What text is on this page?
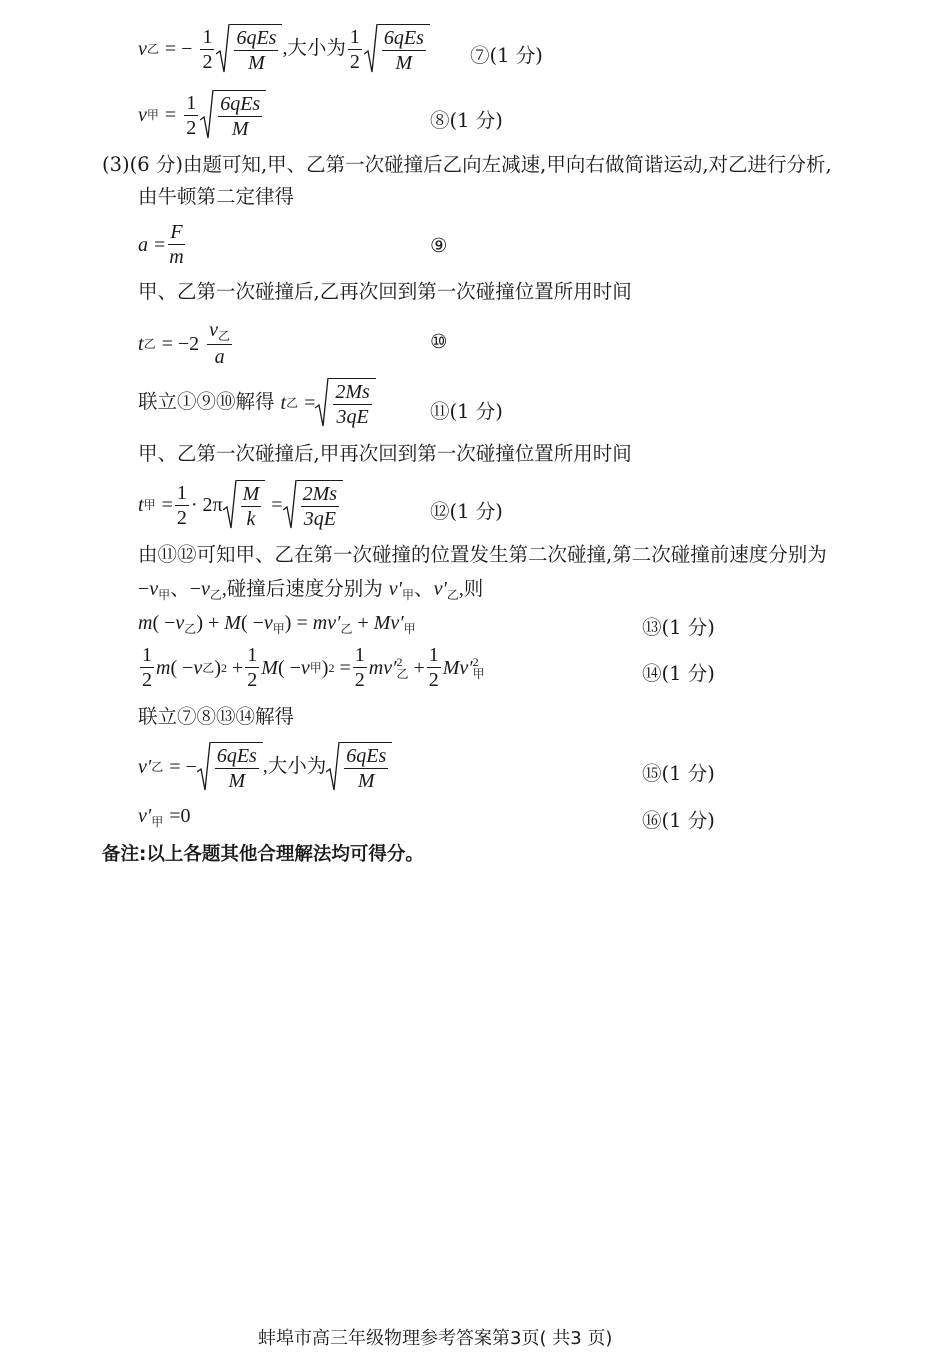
v 乙 = − $\frac{1}{2} \frac{\text{6qEs}}{M}$ ,大小为 $\frac{1}{2} \frac{\text{6qEs}}{M}$ ⑦(1 分)
v 甲 = $\frac{1}{2} \frac{\text{6qEs}}{M}$	⑧(1 分)
(3)(6 分)由题可知,甲、乙第一次碰撞后乙向左减速,甲向右做简谐运动,对乙进行分析,
由牛顿第二定律得
$a = \frac{F}{m}$	⑨
甲、乙第一次碰撞后,乙再次回到第一次碰撞位置所用时间
t 乙 = $-2 \frac{v_乙}{a}$	⑩
联立①⑨⑩解得 t 乙 = $\frac{2Ms}{3qE}$	⑪(1 分)
甲、乙第一次碰撞后,甲再次回到第一次碰撞位置所用时间
t 甲 = $\frac{1}{2} \cdot 2\pi \frac{M}{k} = \frac{2Ms}{3qE}$	⑫(1 分)
由⑪⑫可知甲、乙在第一次碰撞的位置发生第二次碰撞,第二次碰撞前速度分别为
$-v_甲$、$-v_乙$,碰撞后速度分别为 $v'_甲$、$v'_乙$,则
$m( -v_乙) + M( -v_甲) = mv'_乙 + Mv'_甲$	⑬(1 分)
$\frac{1}{2}$ m ( − v 乙 ) $2 + \frac{1}{2}$ M ( − v 甲 ) $2 = \frac{1}{2} mv'$ 2
乙 + $\frac{1}{2} Mv'$ 2
甲	⑭(1 分)
联立⑦⑧⑬⑭解得
v′ 乙 = − $\frac{\text{6qEs}}{M}$ ,大小为 $\frac{\text{6qEs}}{M}$	⑮(1 分)
$v'_甲 =0$	⑯(1 分)
备注:以上各题其他合理解法均可得分。
蚌埠市高三年级物理参考答案第3页( 共3 页)
